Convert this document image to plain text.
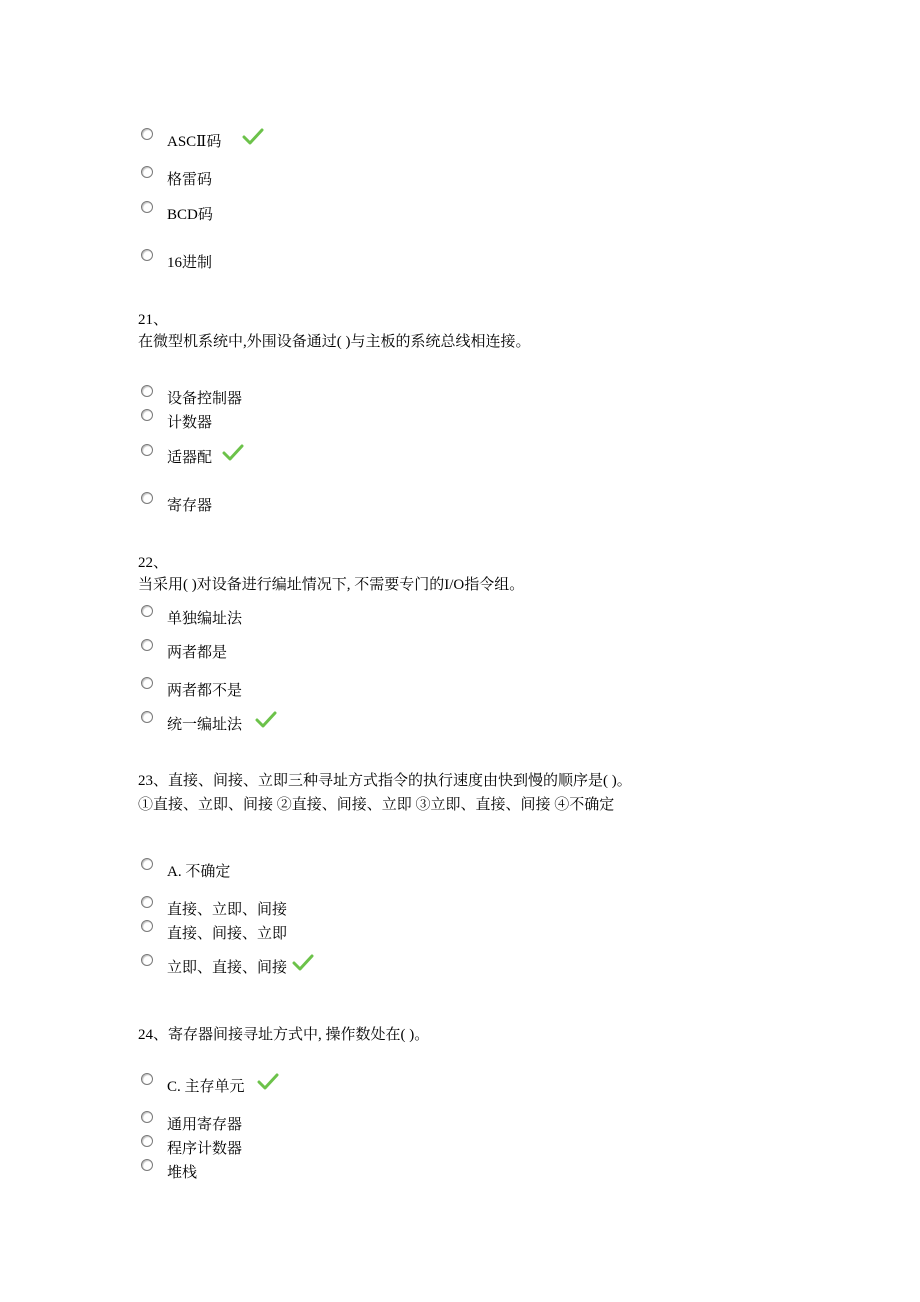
ASCⅡ码
格雷码
BCD码
16进制
21、
在微型机系统中,外围设备通过( )与主板的系统总线相连接。
设备控制器
计数器
适器配
寄存器
22、
当采用( )对设备进行编址情况下, 不需要专门的I/O指令组。
单独编址法
两者都是
两者都不是
统一编址法
23、直接、间接、立即三种寻址方式指令的执行速度由快到慢的顺序是( )。
①直接、立即、间接 ②直接、间接、立即 ③立即、直接、间接 ④不确定
A. 不确定
直接、立即、间接
直接、间接、立即
立即、直接、间接
24、寄存器间接寻址方式中, 操作数处在( )。
C. 主存单元
通用寄存器
程序计数器
堆栈
